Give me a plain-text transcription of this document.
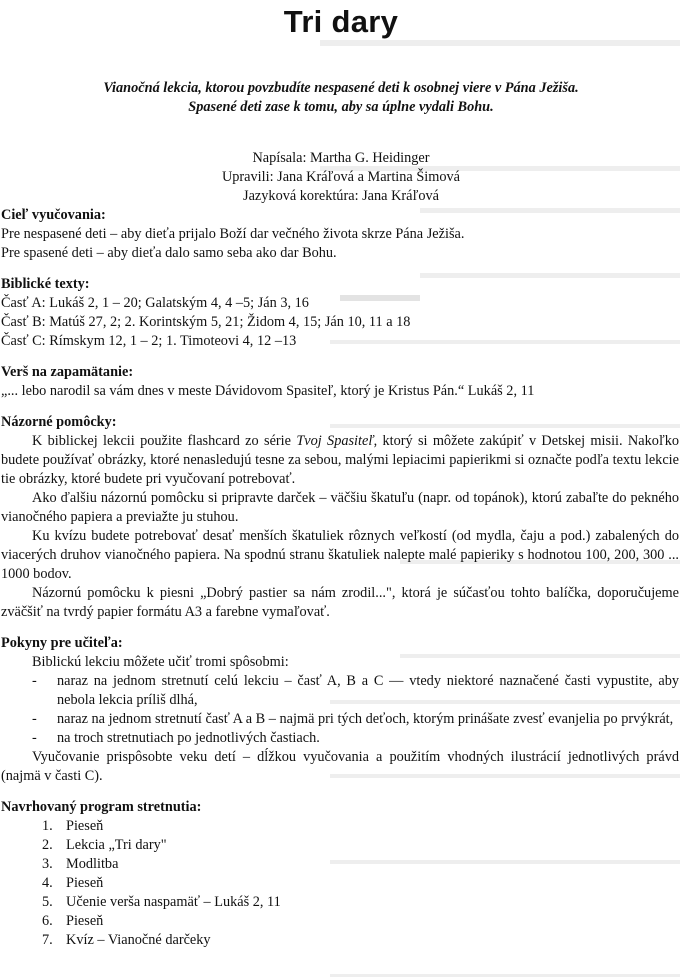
Tri dary
Vianočná lekcia, ktorou povzbudíte nespasené deti k osobnej viere v Pána Ježiša.
Spasené deti zase k tomu, aby sa úplne vydali Bohu.
Napísala: Martha G. Heidinger
Upravili: Jana Kráľová a Martina Šimová
Jazyková korektúra: Jana Kráľová
Cieľ vyučovania:

Pre nespasené deti – aby dieťa prijalo Boží dar večného života skrze Pána Ježiša.

Pre spasené deti – aby dieťa dalo samo seba ako dar Bohu.

Biblické texty:

Časť A: Lukáš 2, 1 – 20; Galatským 4, 4 –5; Ján 3, 16

Časť B: Matúš 27, 2; 2. Korintským 5, 21; Židom 4, 15; Ján 10, 11 a 18

Časť C: Rímskym 12, 1 – 2; 1. Timoteovi 4, 12 –13

Verš na zapamätanie:

„... lebo narodil sa vám dnes v meste Dávidovom Spasiteľ, ktorý je Kristus Pán.“ Lukáš 2, 11

Názorné pomôcky:

K biblickej lekcii použite flashcard zo série Tvoj Spasiteľ, ktorý si môžete zakúpiť v Detskej misii. Nakoľko budete používať obrázky, ktoré nenasledujú tesne za sebou, malými lepiacimi papierikmi si označte podľa textu lekcie tie obrázky, ktoré budete pri vyučovaní potrebovať.

Ako ďalšiu názornú pomôcku si pripravte darček – väčšiu škatuľu (napr. od topánok), ktorú zabaľte do pekného vianočného papiera a previažte ju stuhou.

Ku kvízu budete potrebovať desať menších škatuliek rôznych veľkostí (od mydla, čaju a pod.) zabalených do viacerých druhov vianočného papiera. Na spodnú stranu škatuliek nalepte malé papieriky s hodnotou 100, 200, 300 ... 1000 bodov.

Názornú pomôcku k piesni „Dobrý pastier sa nám zrodil...", ktorá je súčasťou tohto balíčka, doporučujeme zväčšiť na tvrdý papier formátu A3 a farebne vymaľovať.

Pokyny pre učiteľa:

Biblickú lekciu môžete učiť tromi spôsobmi:

- naraz na jednom stretnutí celú lekciu – časť A, B a C — vtedy niektoré naznačené časti vypustite, aby nebola lekcia príliš dlhá,
- naraz na jednom stretnutí časť A a B – najmä pri tých deťoch, ktorým prinášate zvesť evanjelia po prvýkrát,
- na troch stretnutiach po jednotlivých častiach.

Vyučovanie prispôsobte veku detí – dĺžkou vyučovania a použitím vhodných ilustrácií jednotlivých právd (najmä v časti C).

Navrhovaný program stretnutia:
1. Pieseň
2. Lekcia „Tri dary"
3. Modlitba
4. Pieseň
5. Učenie verša naspamäť – Lukáš 2, 11
6. Pieseň
7. Kvíz – Vianočné darčeky
